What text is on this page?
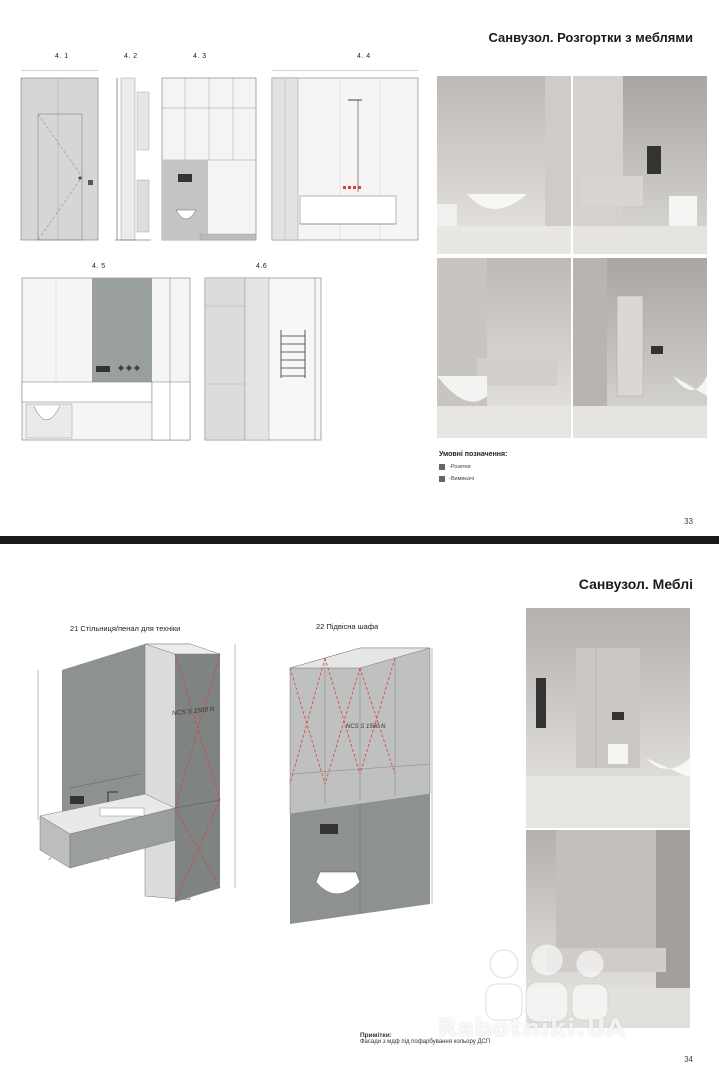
Санвузол. Розгортки з меблями
4. 1	4. 2	4. 3	4. 4
4. 5	4.6
Умовні позначення:
-Розетки
-Вимикачі
33
Санвузол. Меблі
21 Стільниця/пенал для техніки	22 Підвісна шафа
NCS S 1500 N
NCS S 1500 N
Rabotniki.UA
Примітки:
Фасади з мдф під пофарбування кольору ДСП
34
